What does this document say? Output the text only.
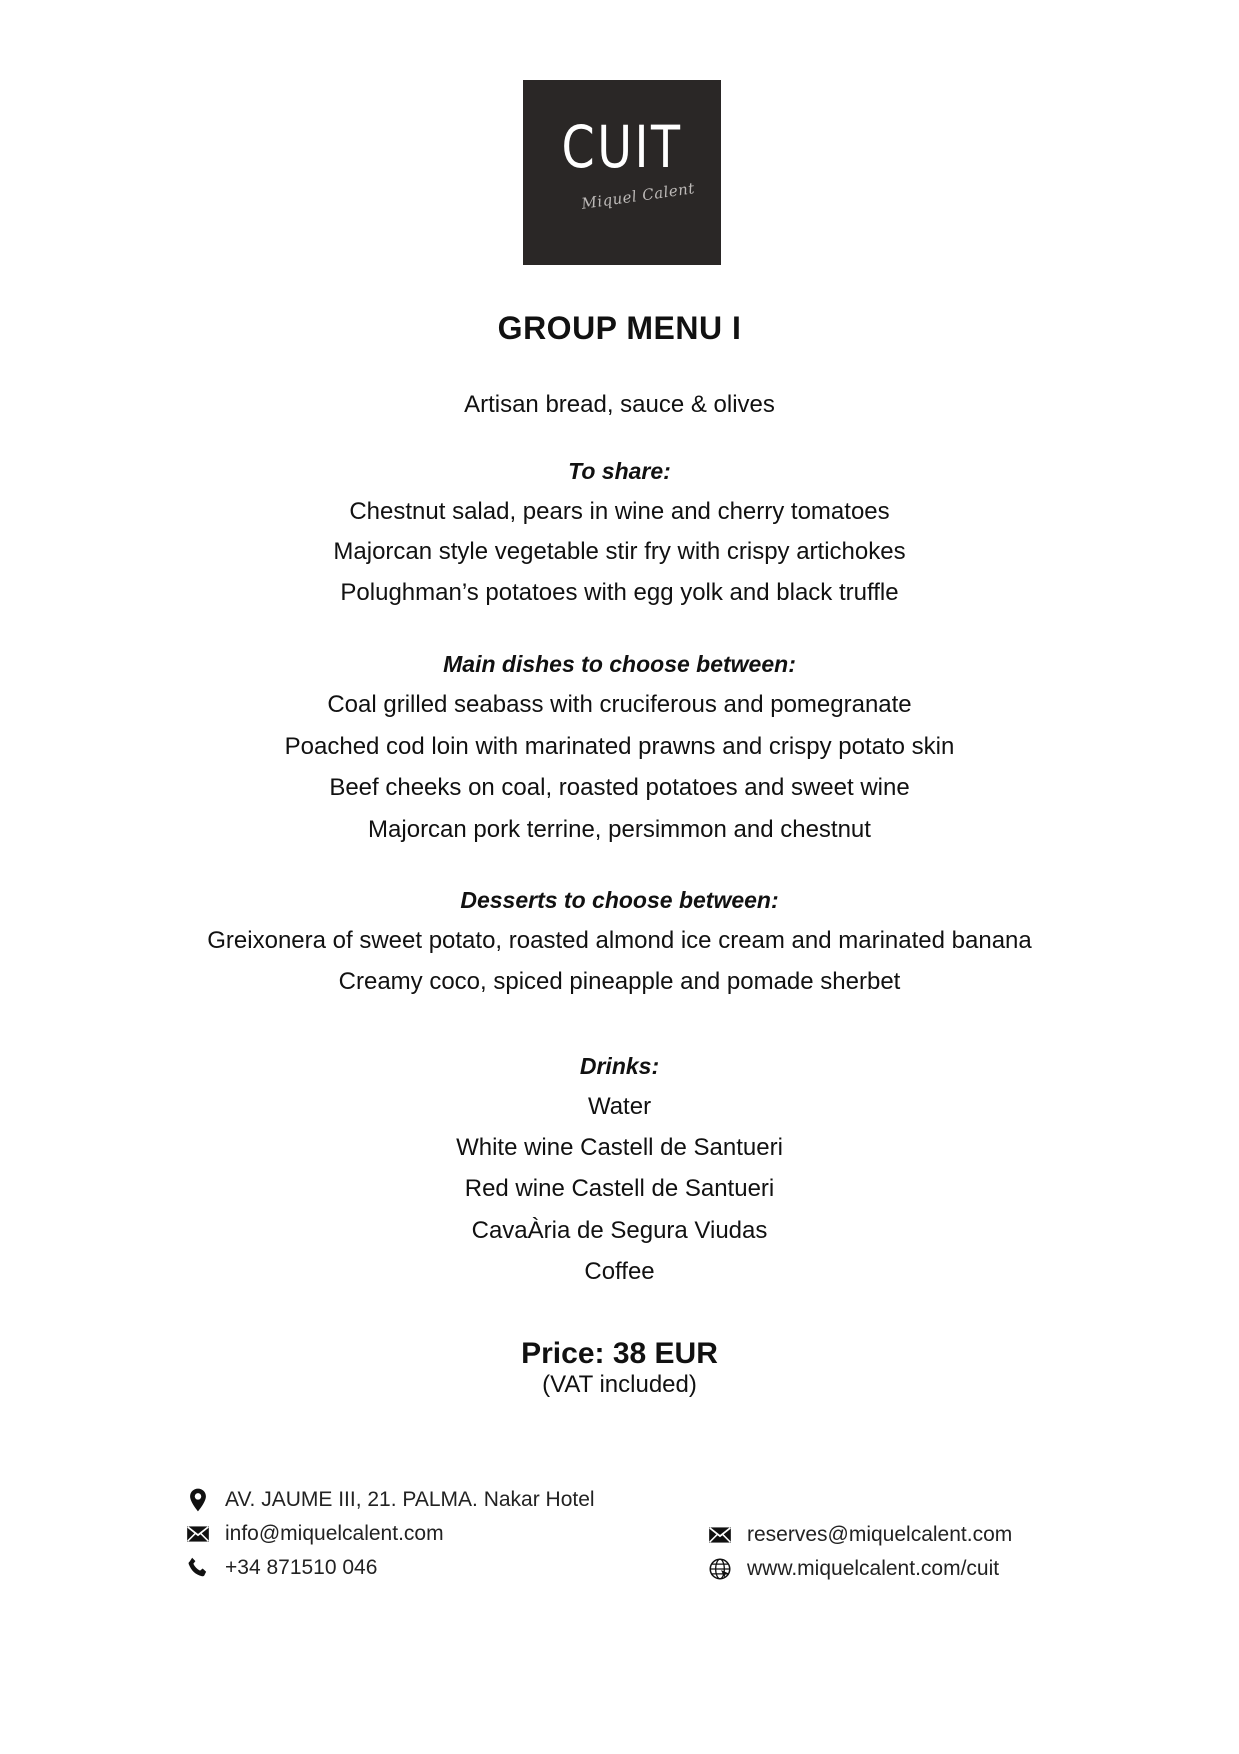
CUIT
Miquel Calent
GROUP MENU I
Artisan bread, sauce & olives
To share:
Chestnut salad, pears in wine and cherry tomatoes
Majorcan style vegetable stir fry with crispy artichokes
Polughman’s potatoes with egg yolk and black truffle
Main dishes to choose between:
Coal grilled seabass with cruciferous and pomegranate
Poached cod loin with marinated prawns and crispy potato skin
Beef cheeks on coal, roasted potatoes and sweet wine
Majorcan pork terrine, persimmon and chestnut
Desserts to choose between:
Greixonera of sweet potato, roasted almond ice cream and marinated banana
Creamy coco, spiced pineapple and pomade sherbet
Drinks:
Water
White wine Castell de Santueri
Red wine Castell de Santueri
CavaÀria de Segura Viudas
Coffee
Price: 38 EUR
(VAT included)
AV. JAUME III, 21. PALMA. Nakar Hotel
info@miquelcalent.com
+34 871510 046
reserves@miquelcalent.com
www.miquelcalent.com/cuit
